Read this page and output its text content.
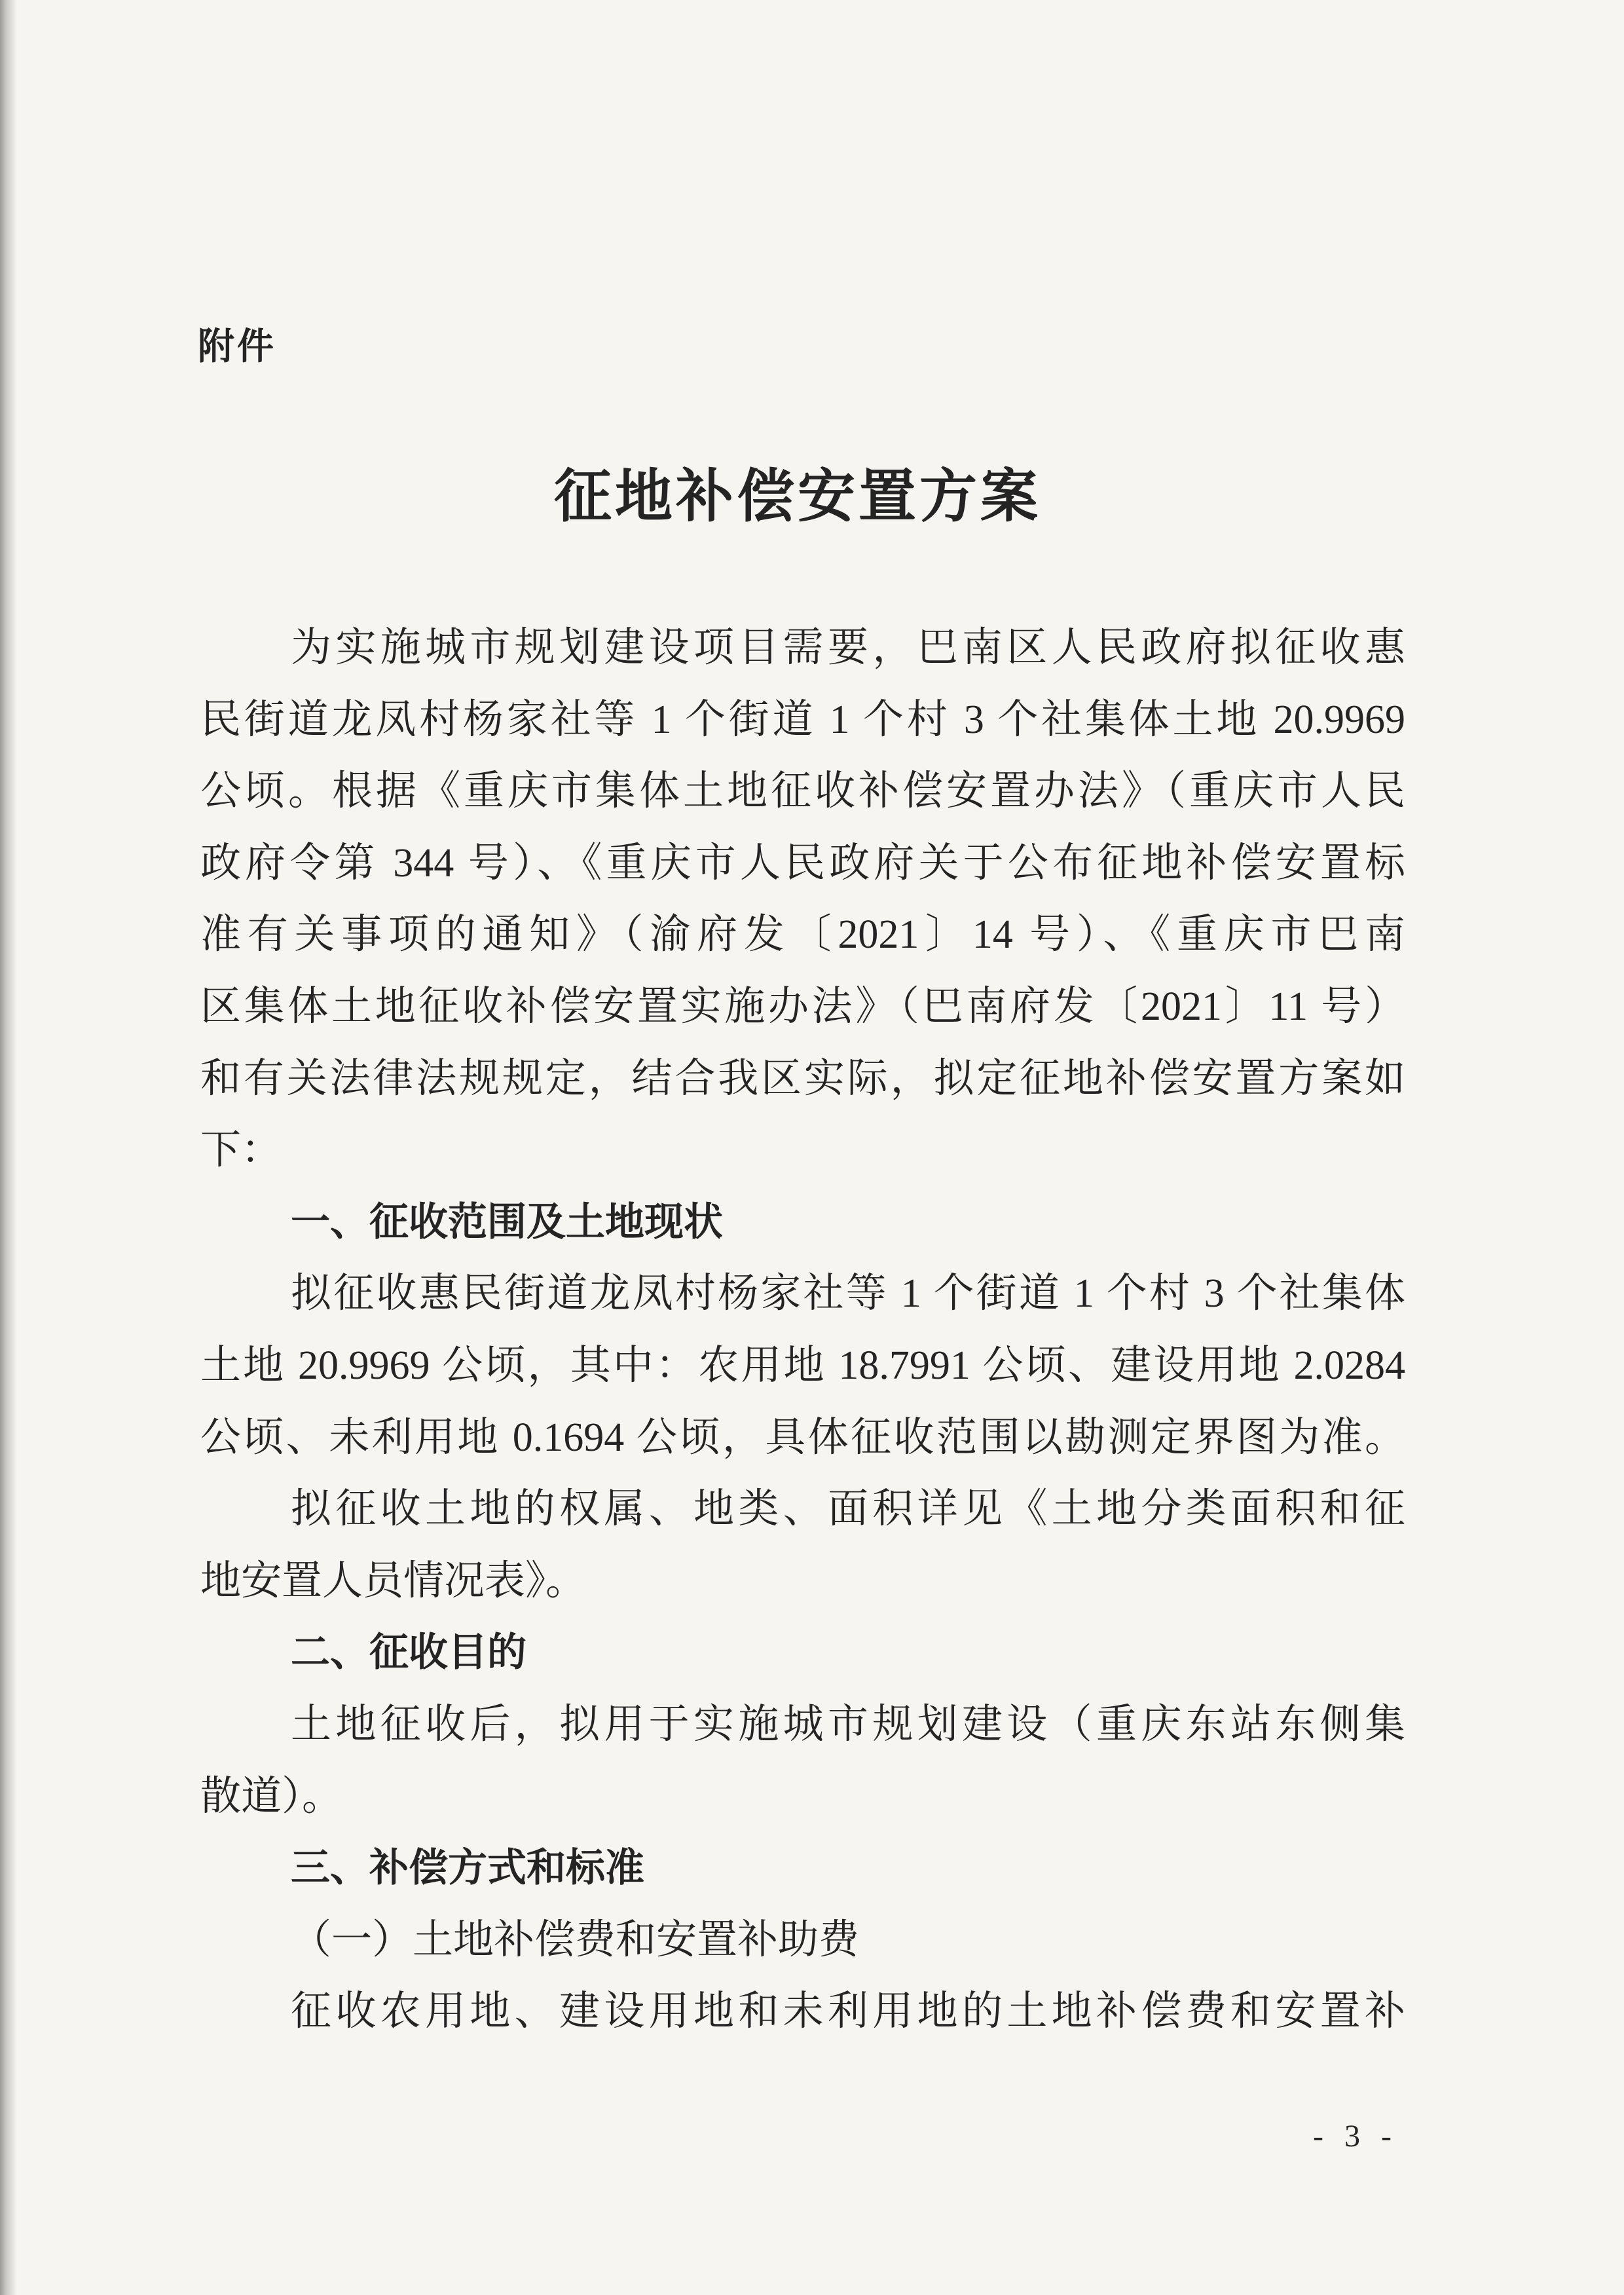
附件
征地补偿安置方案
为实施城市规划建设项目需要，巴南区人民政府拟征收惠
民街道龙凤村杨家社等 1 个街道 1 个村 3 个社集体土地 20.9969
公顷。根据《重庆市集体土地征收补偿安置办法》（重庆市人民
政府令第 344 号）、《重庆市人民政府关于公布征地补偿安置标
准有关事项的通知》（渝府发〔2021〕14 号）、《重庆市巴南
区集体土地征收补偿安置实施办法》（巴南府发〔2021〕11 号）
和有关法律法规规定，结合我区实际，拟定征地补偿安置方案如
下：
一、征收范围及土地现状
拟征收惠民街道龙凤村杨家社等 1 个街道 1 个村 3 个社集体
土地 20.9969 公顷，其中：农用地 18.7991 公顷、建设用地 2.0284
公顷、未利用地 0.1694 公顷，具体征收范围以勘测定界图为准。
拟征收土地的权属、地类、面积详见《土地分类面积和征
地安置人员情况表》。
二、征收目的
土地征收后，拟用于实施城市规划建设（重庆东站东侧集
散道）。
三、补偿方式和标准
（一）土地补偿费和安置补助费
征收农用地、建设用地和未利用地的土地补偿费和安置补
- 3 -
